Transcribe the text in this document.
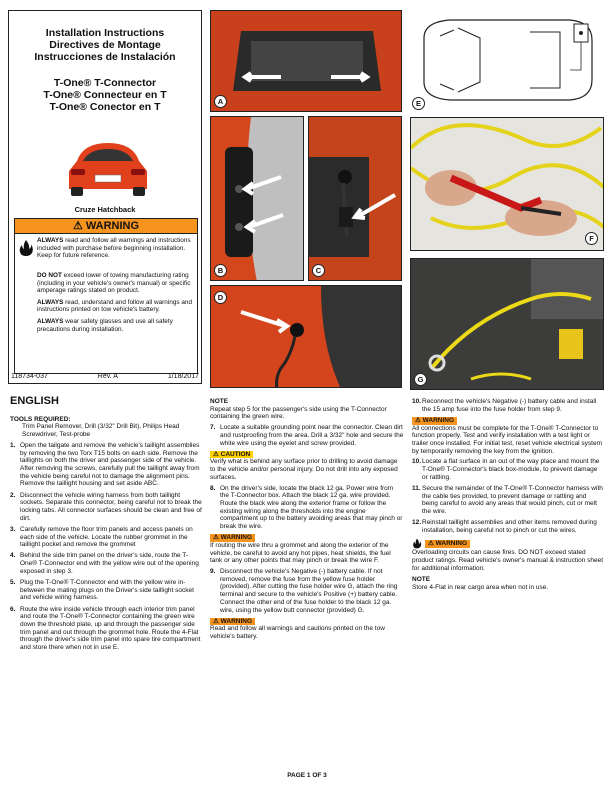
Installation Instructions
Directives de Montage
Instrucciones de Instalación
T-One® T-Connector
T-One® Connecteur en T
T-One® Conector en T
Cruze Hatchback
⚠ WARNING

ALWAYS read and follow all warnings and instructions included with purchase before beginning installation. Keep for future reference.

DO NOT exceed lower of towing manufacturing rating (including in your vehicle's owner's manual) or specific amperage ratings stated on product.

ALWAYS read, understand and follow all warnings and instructions printed on tow vehicle's battery.

ALWAYS wear safety glasses and use all safety precautions during installation.

118734-037	Rev. A	1/18/2017
A	E
B	C
D
F
G
ENGLISH
TOOLS REQUIRED:

Trim Panel Remover, Drill (3/32" Drill Bit), Philips Head Screwdriver, Test-probe

1. Open the tailgate and remove the vehicle's taillight assemblies by removing the two Torx T15 bolts on each side. Remove the taillights on both the driver and passenger side of the vehicle. After removing the screws, carefully pull the taillight away from the vehicle being careful not to damage the alignment pins. Remove the taillight housing and set aside ABC.
2. Disconnect the vehicle wiring harness from both taillight sockets. Separate this connector, being careful not to break the locking tabs. All connector surfaces should be clean and free of dirt.
3. Carefully remove the floor trim panels and access panels on each side of the vehicle. Locate the rubber grommet in the taillight pocket and remove the grommet
4. Behind the side trim panel on the driver's side, route the T-One® T-Connector end with the yellow wire out of the opening exposed in step 3.
5. Plug the T-One® T-Connector end with the yellow wire in-between the mating plugs on the Driver's side taillight socket and vehicle wiring harness.
6. Route the wire inside vehicle through each interior trim panel and route the T-One® T-Connector containing the green wire down the threshold plate, up and through the passenger side trim panel and out through the grommet hole. Route the 4-Flat through the driver's side trim panel into spare tire compartment and store there when not in use E.
NOTE

Repeat step 5 for the passenger's side using the T-Connector containing the green wire.

7. Locate a suitable grounding point near the connector. Clean dirt and rustproofing from the area. Drill a 3/32" hole and secure the white wire using the eyelet and screw provided.
⚠ CAUTION

Verify what is behind any surface prior to drilling to avoid damage to the vehicle and/or personal injury. Do not drill into any exposed surfaces.

8. On the driver's side, locate the black 12 ga. Power wire from the T-Connector box. Attach the black 12 ga. wire provided. Route the black wire along the exterior frame or follow the existing wiring along the thresholds into the engine compartment up to the battery avoiding areas that may pinch or break the wire.
⚠ WARNING

If routing the wire thru a grommet and along the exterior of the vehicle, be careful to avoid any hot pipes, heat shields, the fuel tank or any other points that may pinch or break the wire F.

9. Disconnect the vehicle's Negative (-) battery cable. If not removed, remove the fuse from the yellow fuse holder (provided). After cutting the fuse holder wire G, attach the ring terminal and secure to the vehicle's Positive (+) battery cable. Connect the other end of the fuse holder to the black 12 ga. wire, using the yellow butt connector (provided) G.
⚠ WARNING

Read and follow all warnings and cautions printed on the tow vehicle's battery.

PAGE 1 OF 3
10. Reconnect the vehicle's Negative (-) battery cable and install the 15 amp fuse into the fuse holder from step 9.
⚠ WARNING

All connections must be complete for the T-One® T-Connector to function properly. Test and verify installation with a test light or trailer once installed. For initial test, reset vehicle electrical system by temporarily removing the key from the ignition.

10. Locate a flat surface in an out of the way place and mount the T-One® T-Connector's black box-module, to prevent damage or rattling.
11. Secure the remainder of the T-One® T-Connector harness with the cable ties provided, to prevent damage or rattling and being careful to avoid any areas that would pinch, cut or melt the wire.
12. Reinstall taillight assemblies and other items removed during installation, being careful not to pinch or cut the wires.
⚠ WARNING

Overloading circuits can cause fires. DO NOT exceed stated product ratings. Read vehicle's owner's manual & instruction sheet for additional information.

NOTE

Store 4-Flat in rear cargo area when not in use.
